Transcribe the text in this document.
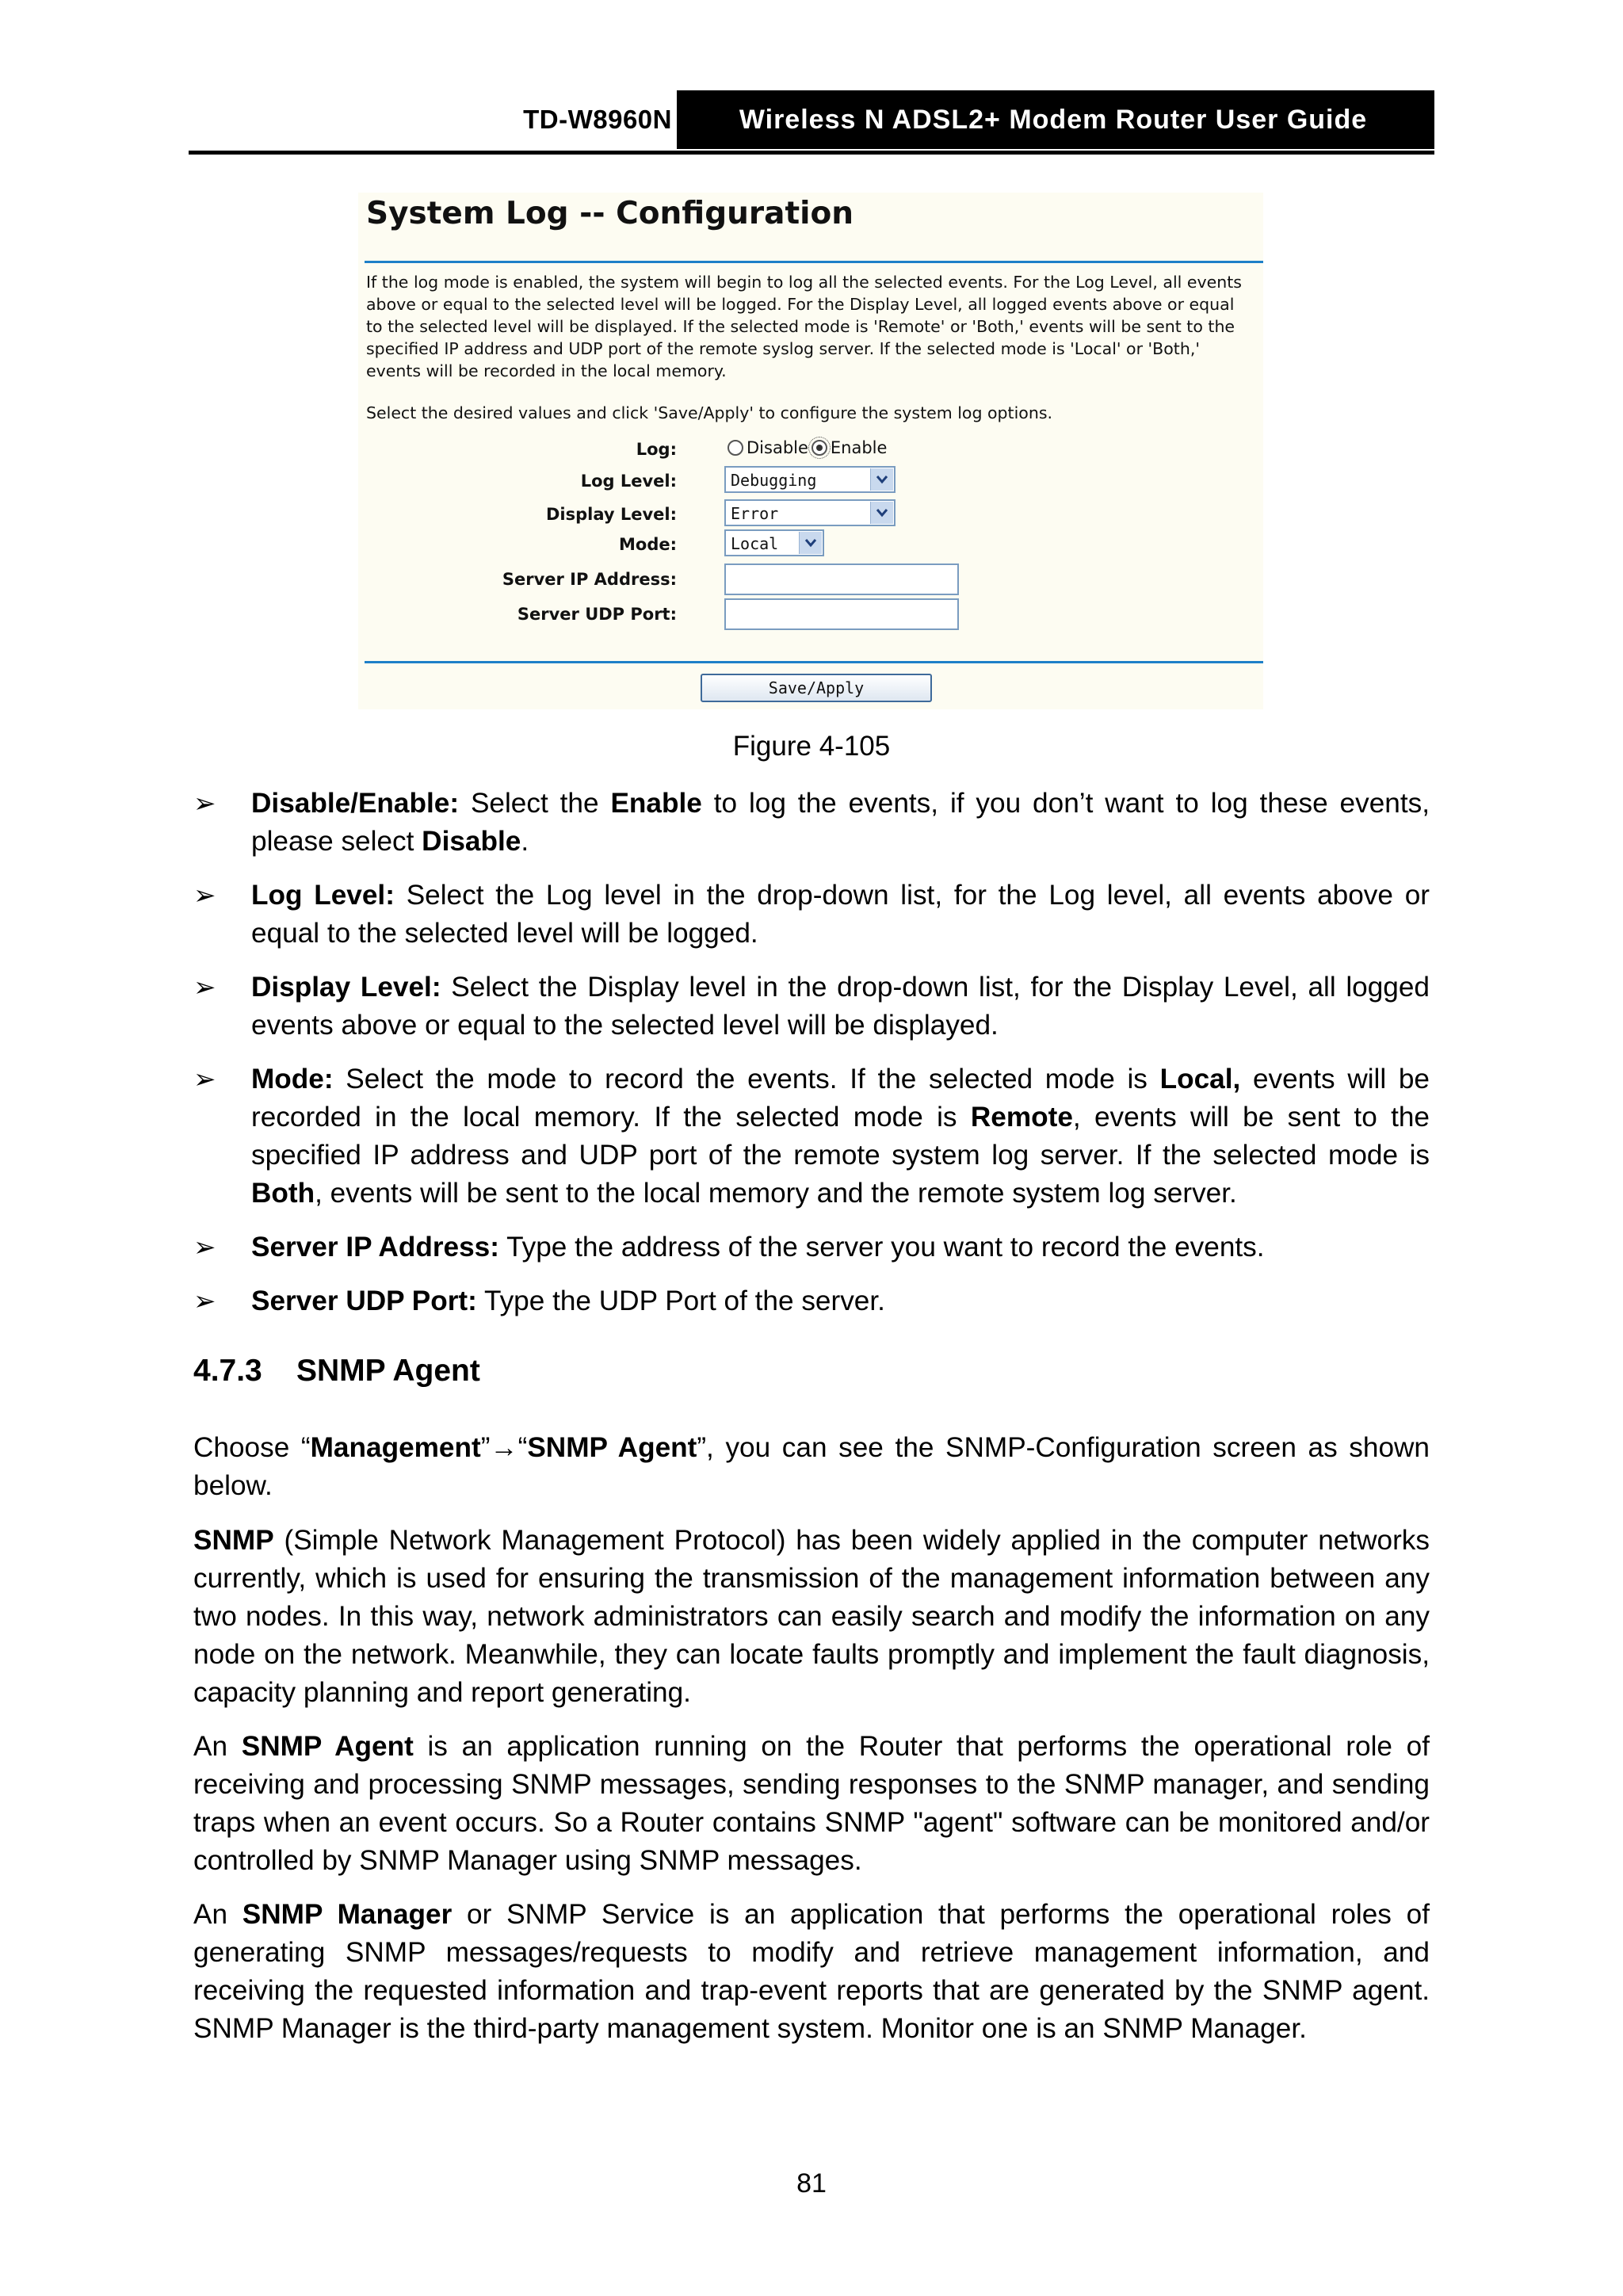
TD-W8960N	Wireless N ADSL2+ Modem Router User Guide
System Log -- Configuration
If the log mode is enabled, the system will begin to log all the selected events. For the Log Level, all events above or equal to the selected level will be logged. For the Display Level, all logged events above or equal to the selected level will be displayed. If the selected mode is 'Remote' or 'Both,' events will be sent to the specified IP address and UDP port of the remote syslog server. If the selected mode is 'Local' or 'Both,' events will be recorded in the local memory.
Select the desired values and click 'Save/Apply' to configure the system log options.
Log:	Disable Enable
Log Level:	Debugging
Display Level:	Error
Mode:	Local
Server IP Address:
Server UDP Port:
Save/Apply
Figure 4-105
➢ Disable/Enable: Select the Enable to log the events, if you don’t want to log these events, please select Disable.
➢ Log Level: Select the Log level in the drop-down list, for the Log level, all events above or equal to the selected level will be logged.
➢ Display Level: Select the Display level in the drop-down list, for the Display Level, all logged events above or equal to the selected level will be displayed.
➢ Mode: Select the mode to record the events. If the selected mode is Local, events will be recorded in the local memory. If the selected mode is Remote, events will be sent to the specified IP address and UDP port of the remote system log server. If the selected mode is Both, events will be sent to the local memory and the remote system log server.
➢ Server IP Address: Type the address of the server you want to record the events.
➢ Server UDP Port: Type the UDP Port of the server.
4.7.3 SNMP Agent
Choose “Management”→“SNMP Agent”, you can see the SNMP-Configuration screen as shown below.
SNMP (Simple Network Management Protocol) has been widely applied in the computer networks currently, which is used for ensuring the transmission of the management information between any two nodes. In this way, network administrators can easily search and modify the information on any node on the network. Meanwhile, they can locate faults promptly and implement the fault diagnosis, capacity planning and report generating.
An SNMP Agent is an application running on the Router that performs the operational role of receiving and processing SNMP messages, sending responses to the SNMP manager, and sending traps when an event occurs. So a Router contains SNMP "agent" software can be monitored and/or controlled by SNMP Manager using SNMP messages.
An SNMP Manager or SNMP Service is an application that performs the operational roles of generating SNMP messages/requests to modify and retrieve management information, and receiving the requested information and trap-event reports that are generated by the SNMP agent. SNMP Manager is the third-party management system. Monitor one is an SNMP Manager.
81
